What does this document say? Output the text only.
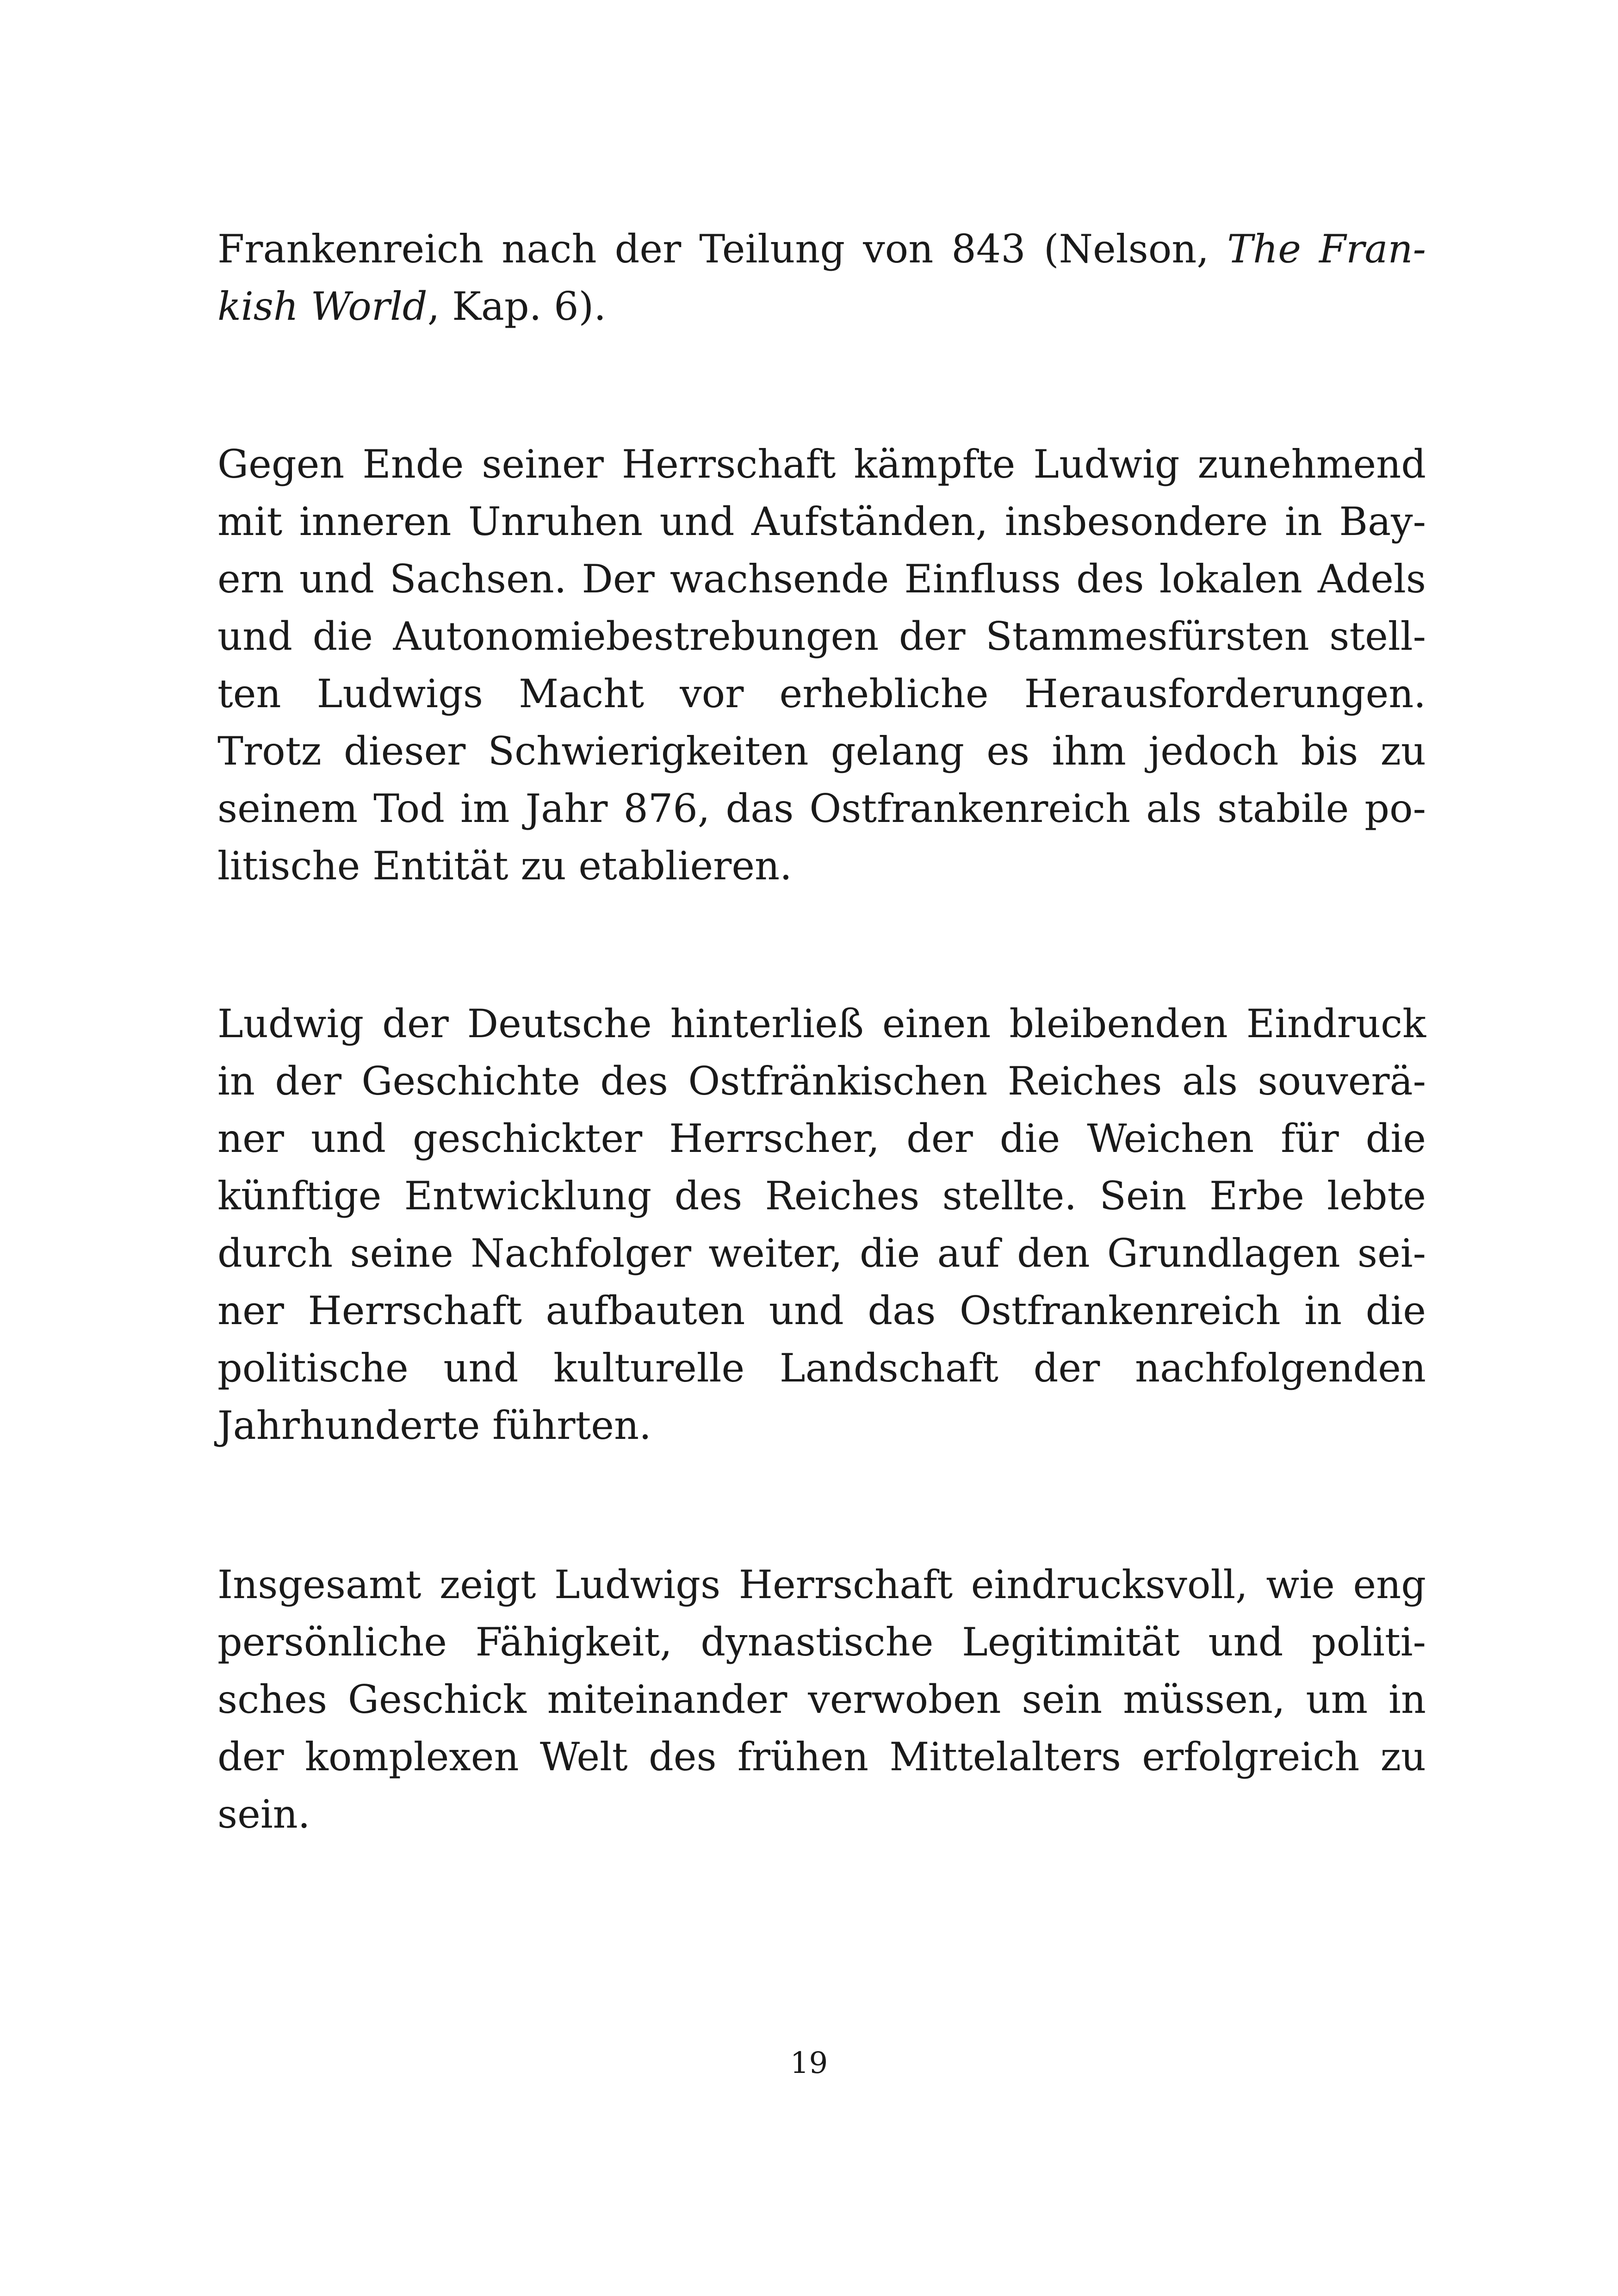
Frankenreich nach der Teilung von 843 (Nelson, The Fran-
kish World, Kap. 6).
Gegen Ende seiner Herrschaft kämpfte Ludwig zunehmend
mit inneren Unruhen und Aufständen, insbesondere in Bay-
ern und Sachsen. Der wachsende Einfluss des lokalen Adels
und die Autonomiebestrebungen der Stammesfürsten stell-
ten Ludwigs Macht vor erhebliche Herausforderungen.
Trotz dieser Schwierigkeiten gelang es ihm jedoch bis zu
seinem Tod im Jahr 876, das Ostfrankenreich als stabile po-
litische Entität zu etablieren.
Ludwig der Deutsche hinterließ einen bleibenden Eindruck
in der Geschichte des Ostfränkischen Reiches als souverä-
ner und geschickter Herrscher, der die Weichen für die
künftige Entwicklung des Reiches stellte. Sein Erbe lebte
durch seine Nachfolger weiter, die auf den Grundlagen sei-
ner Herrschaft aufbauten und das Ostfrankenreich in die
politische und kulturelle Landschaft der nachfolgenden
Jahrhunderte führten.
Insgesamt zeigt Ludwigs Herrschaft eindrucksvoll, wie eng
persönliche Fähigkeit, dynastische Legitimität und politi-
sches Geschick miteinander verwoben sein müssen, um in
der komplexen Welt des frühen Mittelalters erfolgreich zu
sein.
19
